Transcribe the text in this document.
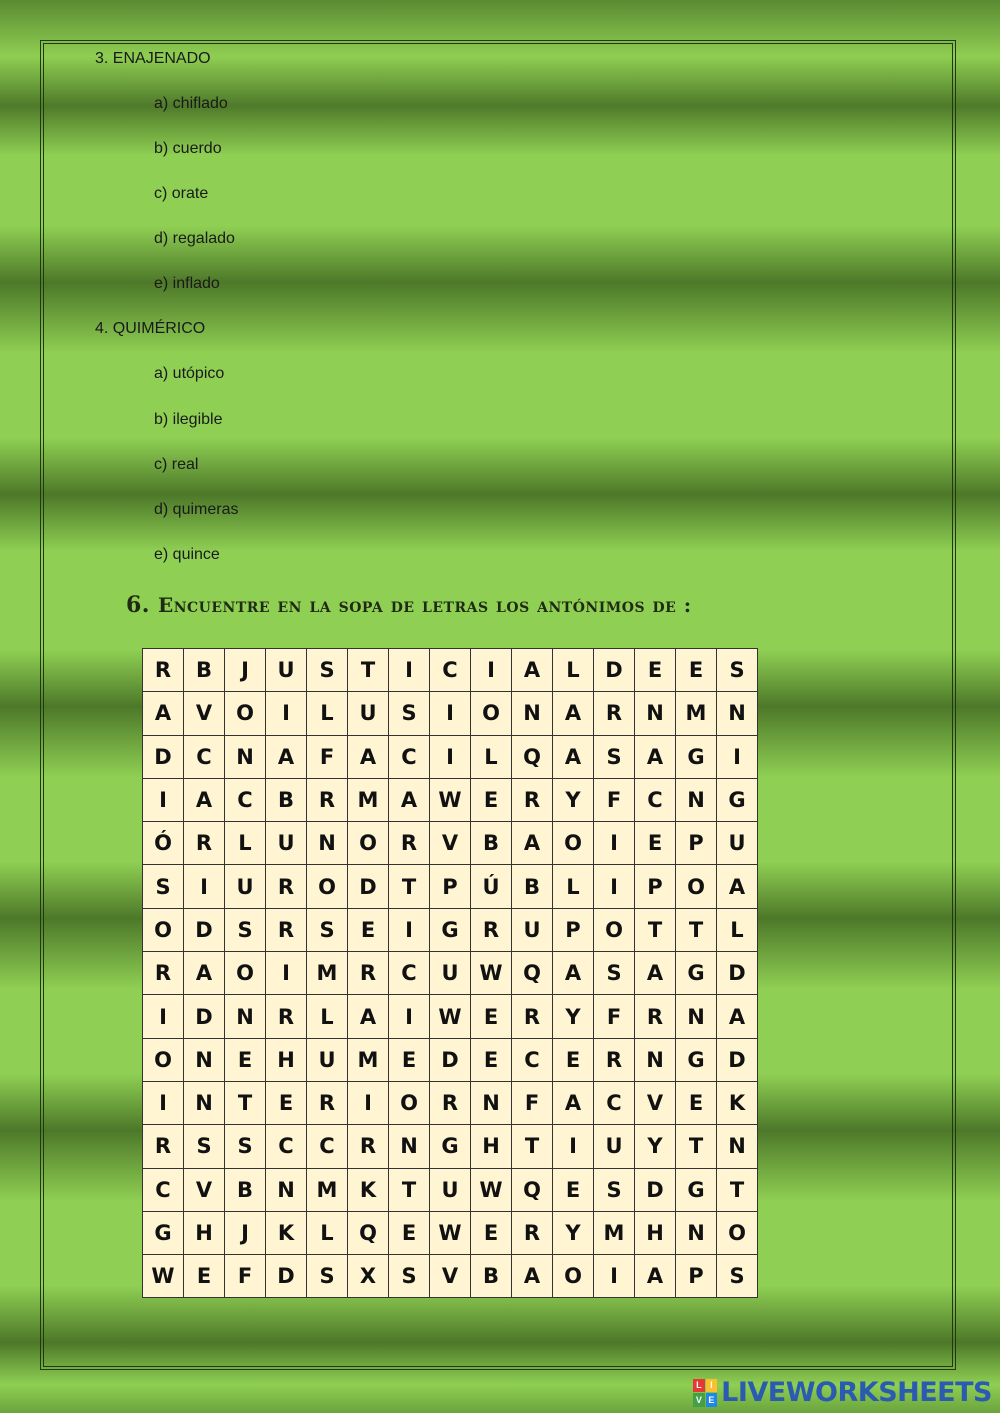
3. ENAJENADO
a) chiflado
b) cuerdo
c) orate
d) regalado
e) inflado
4. QUIMÉRICO
a) utópico
b) ilegible
c) real
d) quimeras
e) quince
6. Encuentre en la sopa de letras los antónimos de :
R	B	J	U	S	T	I	C	I	A	L	D	E	E	S
A	V	O	I	L	U	S	I	O	N	A	R	N	M	N
D	C	N	A	F	A	C	I	L	Q	A	S	A	G	I
I	A	C	B	R	M	A	W	E	R	Y	F	C	N	G
Ó	R	L	U	N	O	R	V	B	A	O	I	E	P	U
S	I	U	R	O	D	T	P	Ú	B	L	I	P	O	A
O	D	S	R	S	E	I	G	R	U	P	O	T	T	L
R	A	O	I	M	R	C	U	W	Q	A	S	A	G	D
I	D	N	R	L	A	I	W	E	R	Y	F	R	N	A
O	N	E	H	U	M	E	D	E	C	E	R	N	G	D
I	N	T	E	R	I	O	R	N	F	A	C	V	E	K
R	S	S	C	C	R	N	G	H	T	I	U	Y	T	N
C	V	B	N	M	K	T	U	W	Q	E	S	D	G	T
G	H	J	K	L	Q	E	W	E	R	Y	M	H	N	O
W	E	F	D	S	X	S	V	B	A	O	I	A	P	S
L I
V E LIVEWORKSHEETS
